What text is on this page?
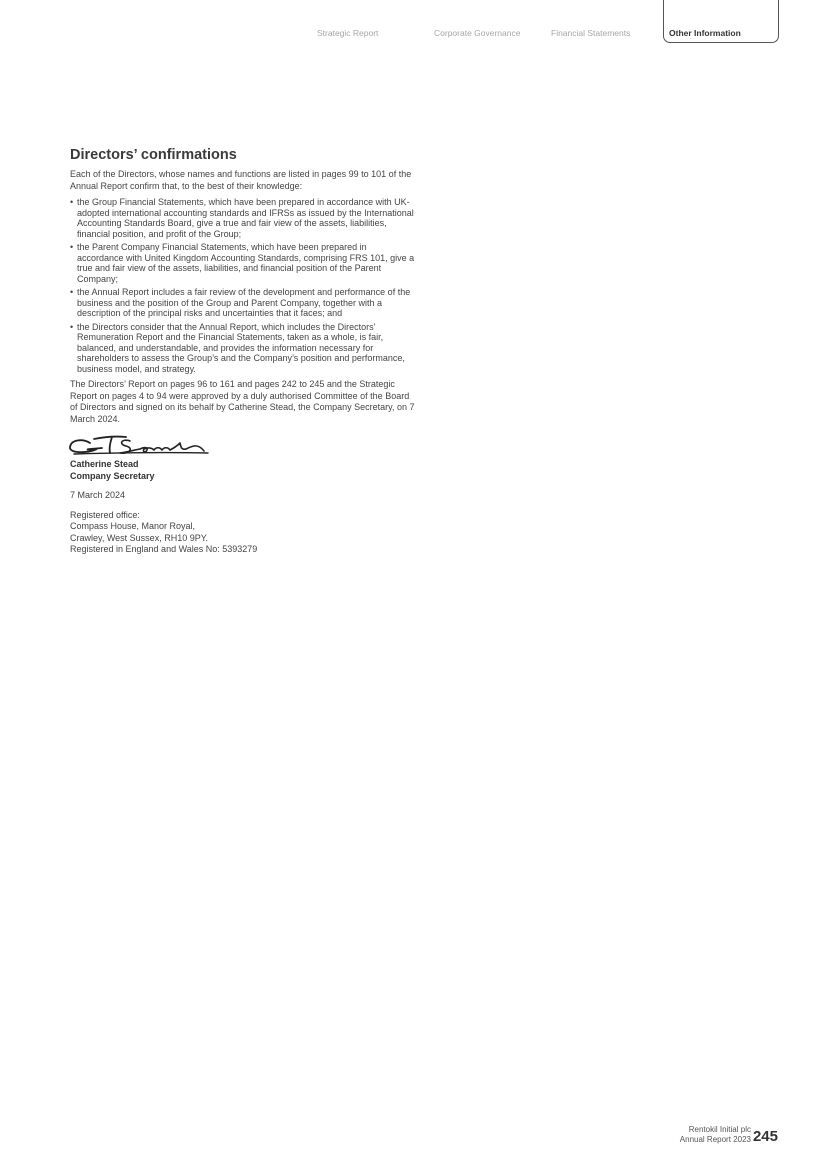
Strategic Report	Corporate Governance	Financial Statements	Other Information
Directors’ confirmations

Each of the Directors, whose names and functions are listed in pages 99 to 101 of the Annual Report confirm that, to the best of their knowledge:

• the Group Financial Statements, which have been prepared in accordance with UK-adopted international accounting standards and IFRSs as issued by the International Accounting Standards Board, give a true and fair view of the assets, liabilities, financial position, and profit of the Group;
• the Parent Company Financial Statements, which have been prepared in accordance with United Kingdom Accounting Standards, comprising FRS 101, give a true and fair view of the assets, liabilities, and financial position of the Parent Company;
• the Annual Report includes a fair review of the development and performance of the business and the position of the Group and Parent Company, together with a description of the principal risks and uncertainties that it faces; and
• the Directors consider that the Annual Report, which includes the Directors’ Remuneration Report and the Financial Statements, taken as a whole, is fair, balanced, and understandable, and provides the information necessary for shareholders to assess the Group’s and the Company’s position and performance, business model, and strategy.

The Directors’ Report on pages 96 to 161 and pages 242 to 245 and the Strategic Report on pages 4 to 94 were approved by a duly authorised Committee of the Board of Directors and signed on its behalf by Catherine Stead, the Company Secretary, on 7 March 2024.

Catherine Stead
Company Secretary

7 March 2024

Registered office:

Compass House, Manor Royal,

Crawley, West Sussex, RH10 9PY.

Registered in England and Wales No: 5393279

Rentokil Initial plc
Annual Report 2023 245
